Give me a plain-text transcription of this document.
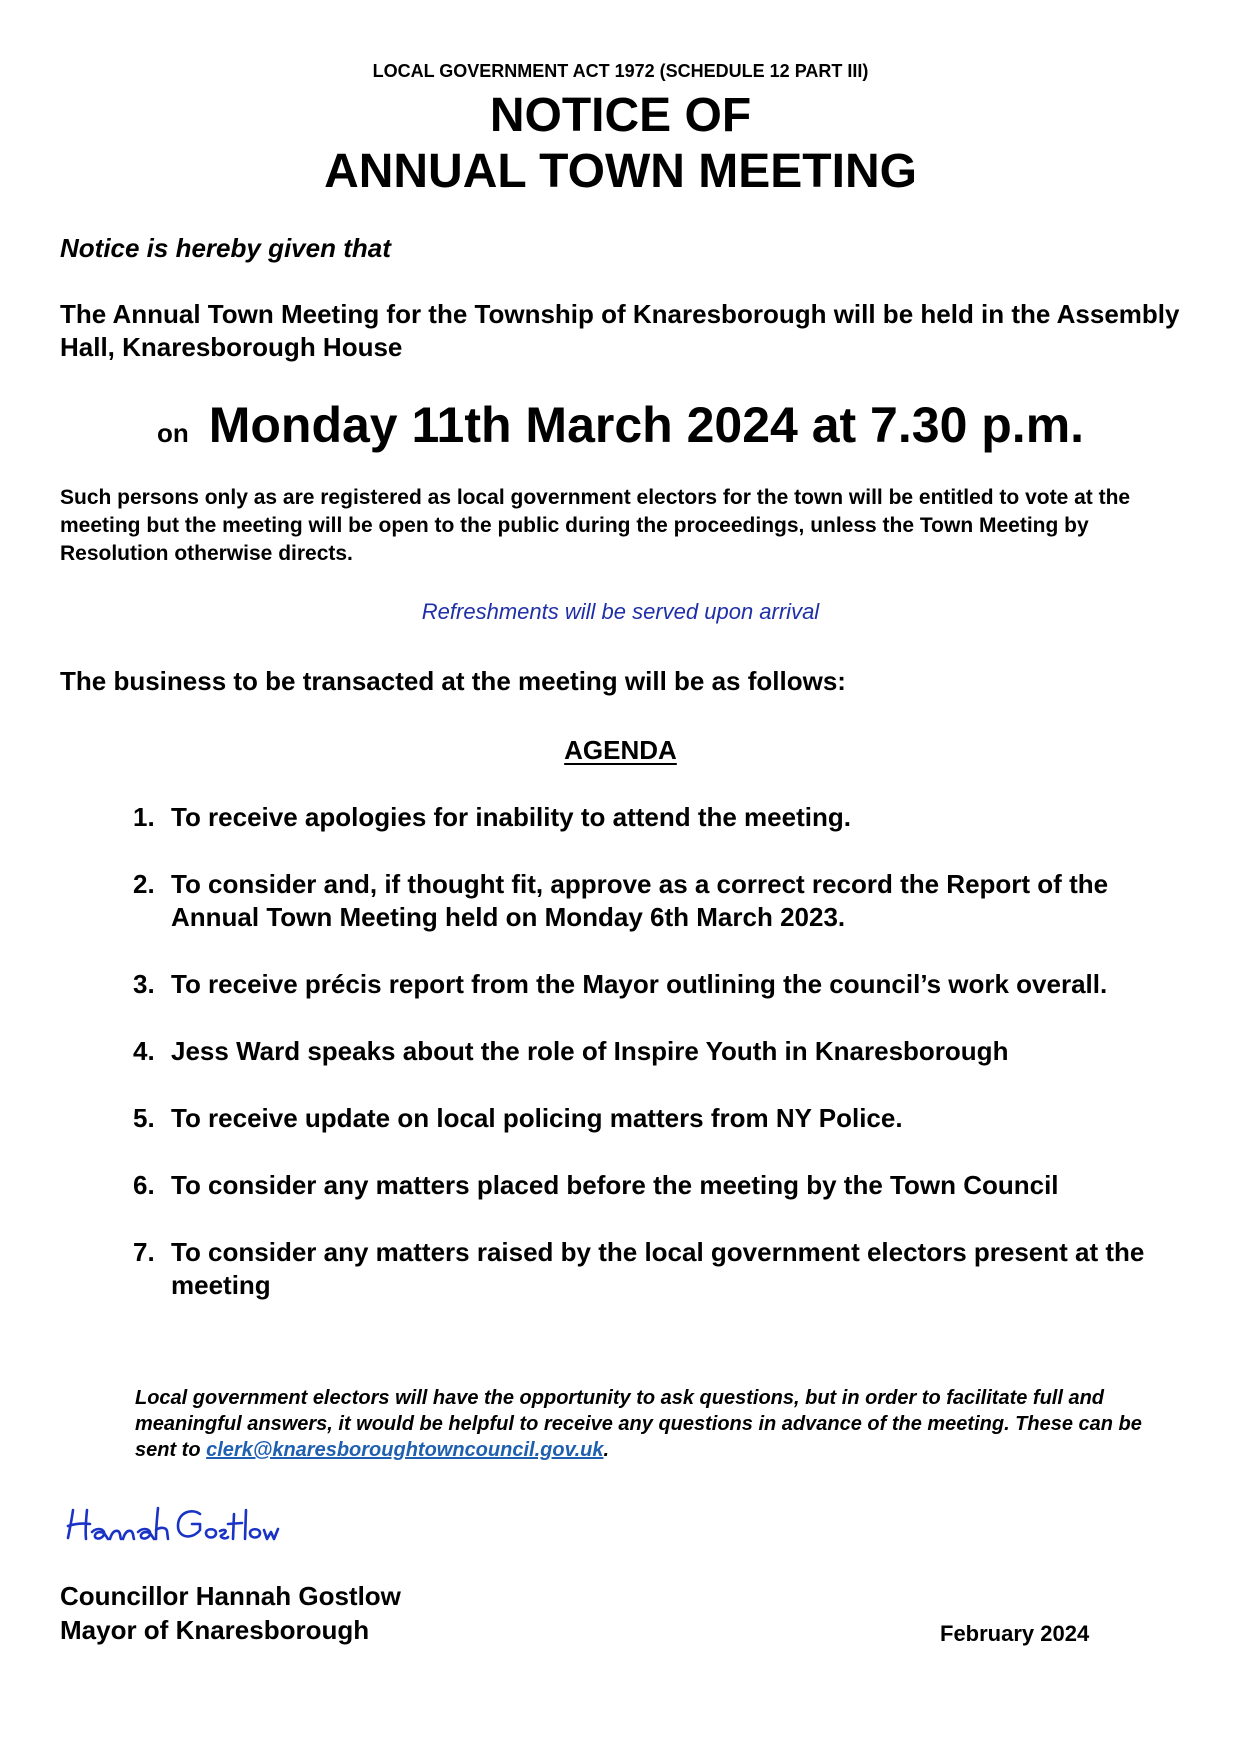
LOCAL GOVERNMENT ACT 1972 (SCHEDULE 12 PART III)

NOTICE OF
ANNUAL TOWN MEETING

Notice is hereby given that

The Annual Town Meeting for the Township of Knaresborough will be held in the Assembly Hall, Knaresborough House

on Monday 11th March 2024 at 7.30 p.m.

Such persons only as are registered as local government electors for the town will be entitled to vote at the meeting but the meeting will be open to the public during the proceedings, unless the Town Meeting by Resolution otherwise directs.

Refreshments will be served upon arrival

The business to be transacted at the meeting will be as follows:

AGENDA
1. To receive apologies for inability to attend the meeting.
2. To consider and, if thought fit, approve as a correct record the Report of the Annual Town Meeting held on Monday 6th March 2023.
3. To receive précis report from the Mayor outlining the council’s work overall.
4. Jess Ward speaks about the role of Inspire Youth in Knaresborough
5. To receive update on local policing matters from NY Police.
6. To consider any matters placed before the meeting by the Town Council
7. To consider any matters raised by the local government electors present at the meeting

Local government electors will have the opportunity to ask questions, but in order to facilitate full and meaningful answers, it would be helpful to receive any questions in advance of the meeting. These can be sent to clerk@knaresboroughtowncouncil.gov.uk.

Councillor Hannah Gostlow

Mayor of Knaresborough	February 2024
